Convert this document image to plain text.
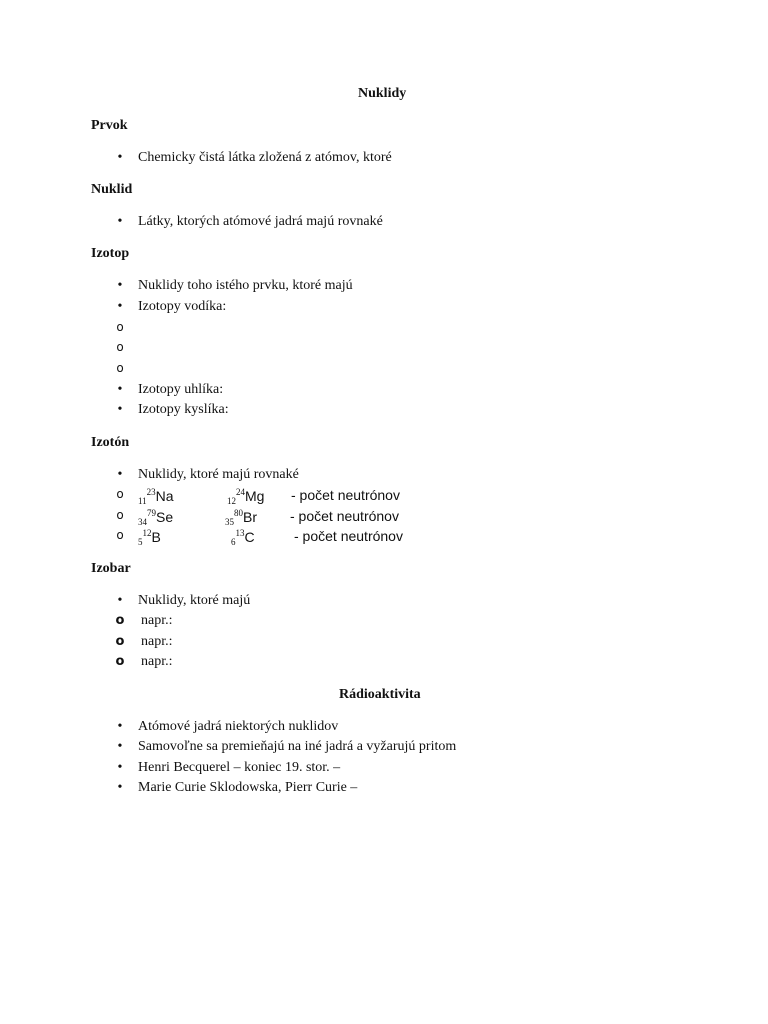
Nuklidy
Prvok
•
Chemicky čistá látka zložená z atómov, ktoré
Nuklid
•
Látky, ktorých atómové jadrá majú rovnaké
Izotop
•
Nuklidy toho istého prvku, ktoré majú
•
Izotopy vodíka:
o
o
o
•
Izotopy uhlíka:
•
Izotopy kyslíka:
Izotón
•
Nuklidy, ktoré majú rovnaké
o
$_{11}^{23}$Na	$_{12}^{24}$Mg - počet neutrónov
o
$_{34}^{79}$Se	$_{35}^{80}$Br - počet neutrónov
o
$_5^{12}$B	$_6^{13}$C	- počet neutrónov
Izobar
•
Nuklidy, ktoré majú
o
napr.:
o
napr.:
o
napr.:
Rádioaktivita
•
Atómové jadrá niektorých nuklidov
•
Samovoľne sa premieňajú na iné jadrá a vyžarujú pritom
•
Henri Becquerel – koniec 19. stor. –
•
Marie Curie Sklodowska, Pierr Curie –
